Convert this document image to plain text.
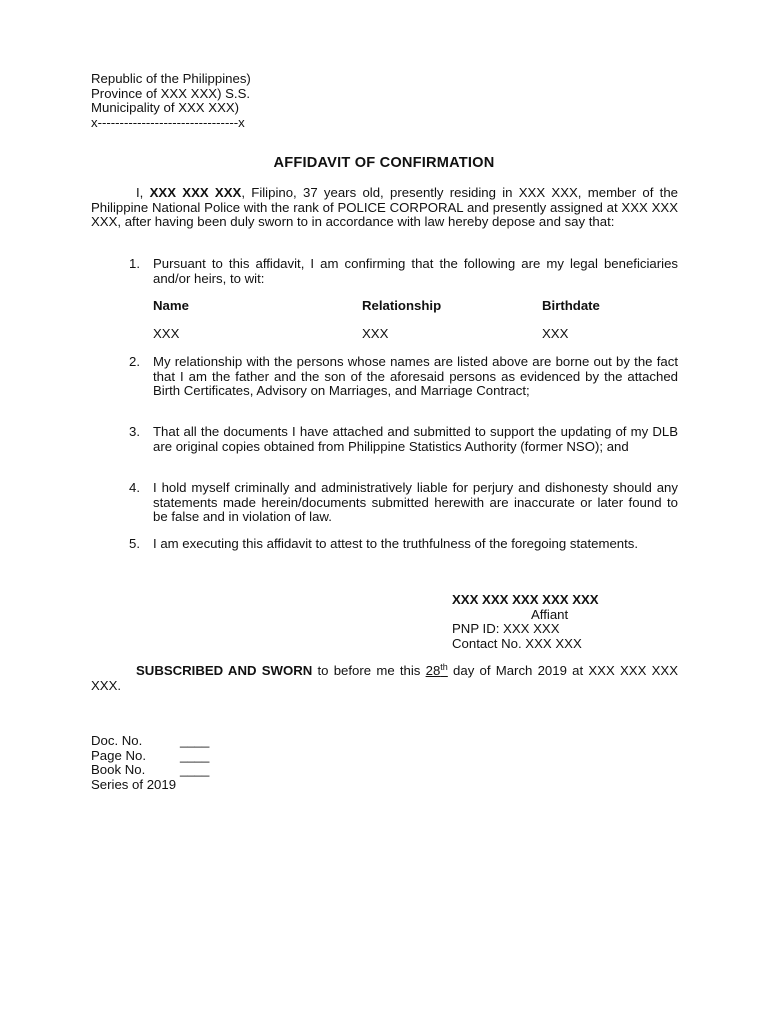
Republic of the Philippines)
Province of XXX XXX) S.S.
Municipality of XXX XXX)
x--------------------------------x
AFFIDAVIT OF CONFIRMATION
I, XXX XXX XXX, Filipino, 37 years old, presently residing in XXX XXX, member of the Philippine National Police with the rank of POLICE CORPORAL and presently assigned at XXX XXX XXX, after having been duly sworn to in accordance with law hereby depose and say that:
1. Pursuant to this affidavit, I am confirming that the following are my legal beneficiaries and/or heirs, to wit:
Name	Relationship	Birthdate
XXX	XXX	XXX
2. My relationship with the persons whose names are listed above are borne out by the fact that I am the father and the son of the aforesaid persons as evidenced by the attached Birth Certificates, Advisory on Marriages, and Marriage Contract;
3. That all the documents I have attached and submitted to support the updating of my DLB are original copies obtained from Philippine Statistics Authority (former NSO); and
4. I hold myself criminally and administratively liable for perjury and dishonesty should any statements made herein/documents submitted herewith are inaccurate or later found to be false and in violation of law.
5. I am executing this affidavit to attest to the truthfulness of the foregoing statements.
XXX XXX XXX XXX XXX
Affiant
PNP ID: XXX XXX
Contact No. XXX XXX
SUBSCRIBED AND SWORN to before me this 28th day of March 2019 at XXX XXX XXX XXX.
Doc. No.	____
Page No.	____
Book No.	____
Series of 2019
